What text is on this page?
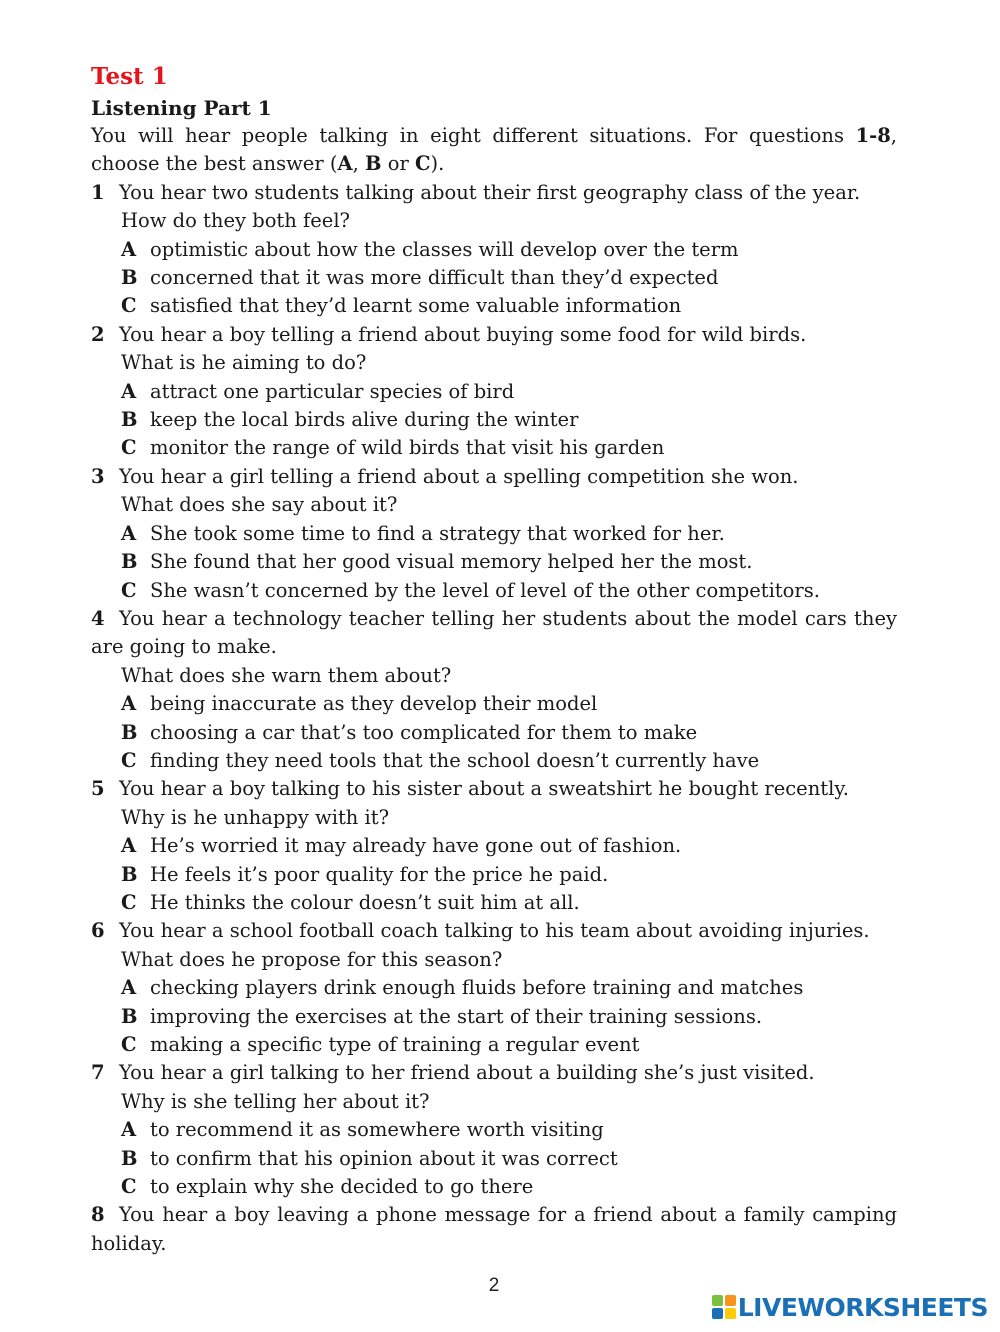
Test 1
Listening Part 1

You will hear people talking in eight different situations. For questions 1-8, choose the best answer (A, B or C).

1 You hear two students talking about their first geography class of the year.

How do they both feel?

A optimistic about how the classes will develop over the term

B concerned that it was more difficult than they’d expected

C satisfied that they’d learnt some valuable information

2 You hear a boy telling a friend about buying some food for wild birds.

What is he aiming to do?

A attract one particular species of bird

B keep the local birds alive during the winter

C monitor the range of wild birds that visit his garden

3 You hear a girl telling a friend about a spelling competition she won.

What does she say about it?

A She took some time to find a strategy that worked for her.

B She found that her good visual memory helped her the most.

C She wasn’t concerned by the level of level of the other competitors.

4 You hear a technology teacher telling her students about the model cars they are going to make.

What does she warn them about?

A being inaccurate as they develop their model

B choosing a car that’s too complicated for them to make

C finding they need tools that the school doesn’t currently have

5 You hear a boy talking to his sister about a sweatshirt he bought recently.

Why is he unhappy with it?

A He’s worried it may already have gone out of fashion.

B He feels it’s poor quality for the price he paid.

C He thinks the colour doesn’t suit him at all.

6 You hear a school football coach talking to his team about avoiding injuries.

What does he propose for this season?

A checking players drink enough fluids before training and matches

B improving the exercises at the start of their training sessions.

C making a specific type of training a regular event

7 You hear a girl talking to her friend about a building she’s just visited.

Why is she telling her about it?

A to recommend it as somewhere worth visiting

B to confirm that his opinion about it was correct

C to explain why she decided to go there

8 You hear a boy leaving a phone message for a friend about a family camping holiday.

2
LIVEWORKSHEETS
